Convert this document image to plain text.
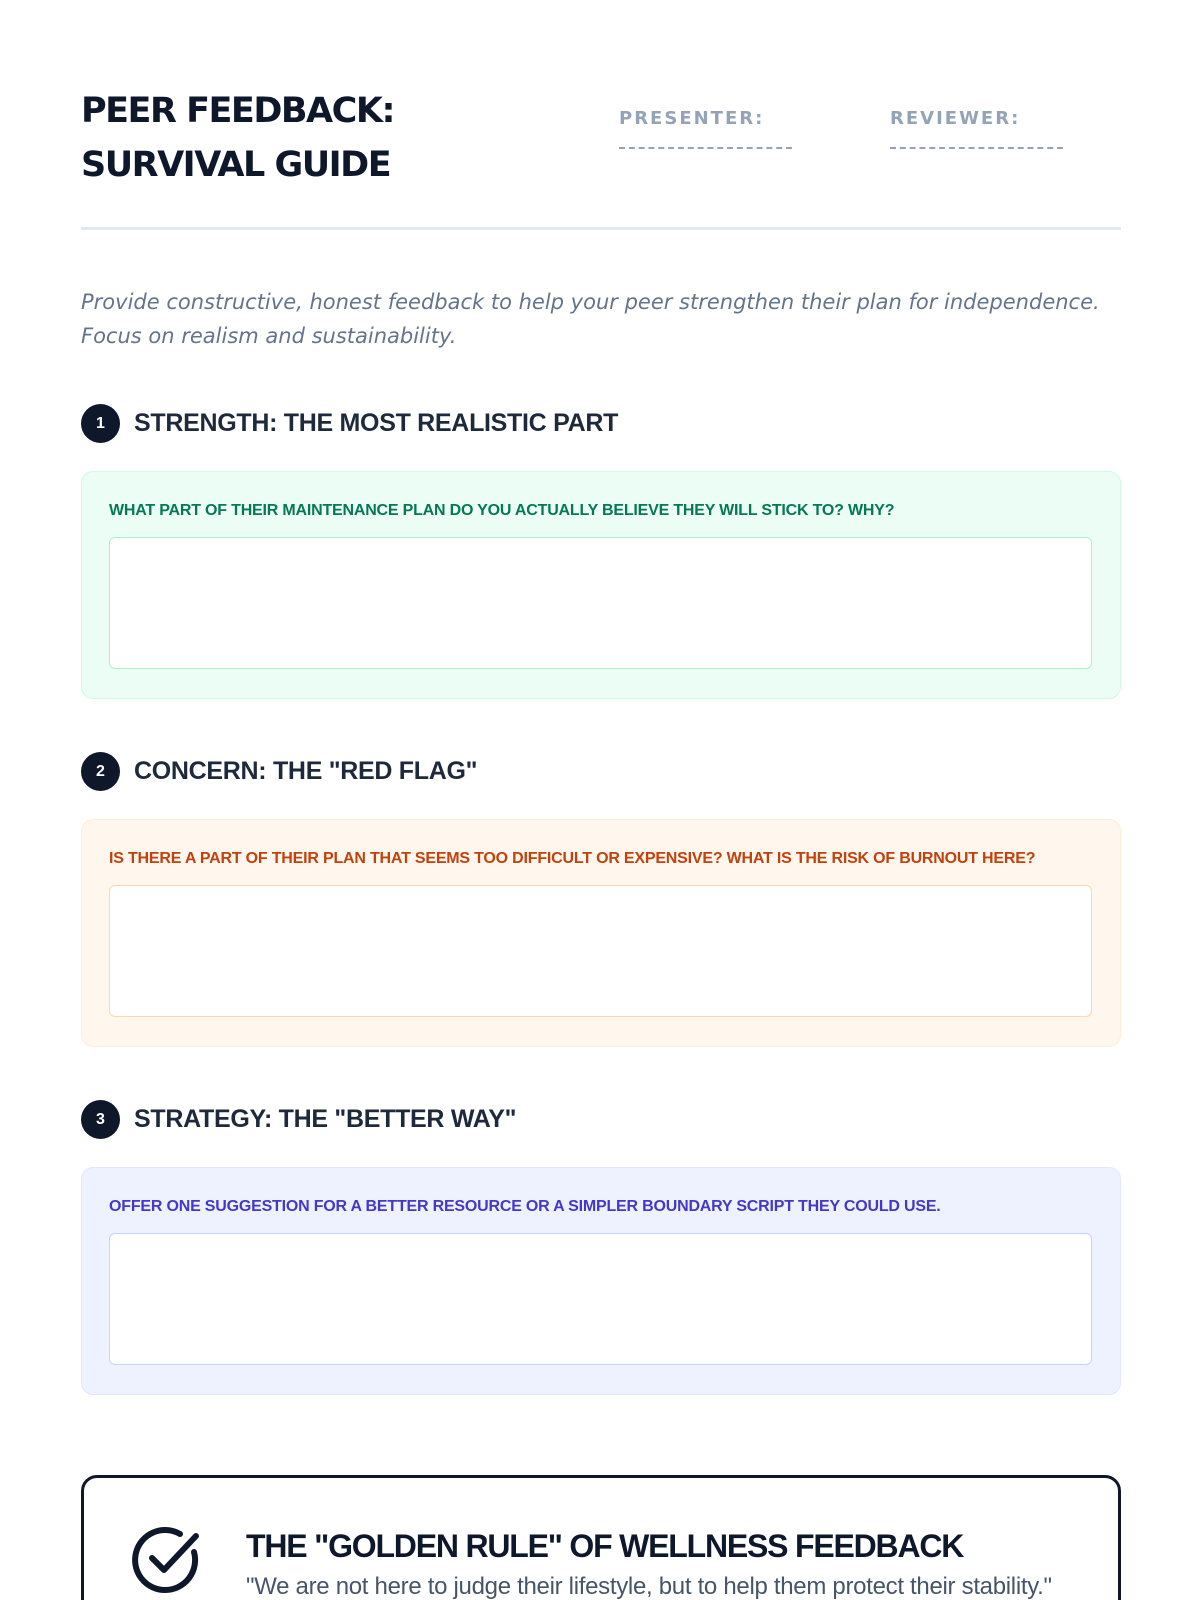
PEER FEEDBACK:
SURVIVAL GUIDE
PRESENTER:	REVIEWER:
Provide constructive, honest feedback to help your peer strengthen their plan for independence.
Focus on realism and sustainability.
1	STRENGTH: THE MOST REALISTIC PART
WHAT PART OF THEIR MAINTENANCE PLAN DO YOU ACTUALLY BELIEVE THEY WILL STICK TO? WHY?
2	CONCERN: THE "RED FLAG"
IS THERE A PART OF THEIR PLAN THAT SEEMS TOO DIFFICULT OR EXPENSIVE? WHAT IS THE RISK OF BURNOUT HERE?
3	STRATEGY: THE "BETTER WAY"
OFFER ONE SUGGESTION FOR A BETTER RESOURCE OR A SIMPLER BOUNDARY SCRIPT THEY COULD USE.
THE "GOLDEN RULE" OF WELLNESS FEEDBACK
"We are not here to judge their lifestyle, but to help them protect their stability."
